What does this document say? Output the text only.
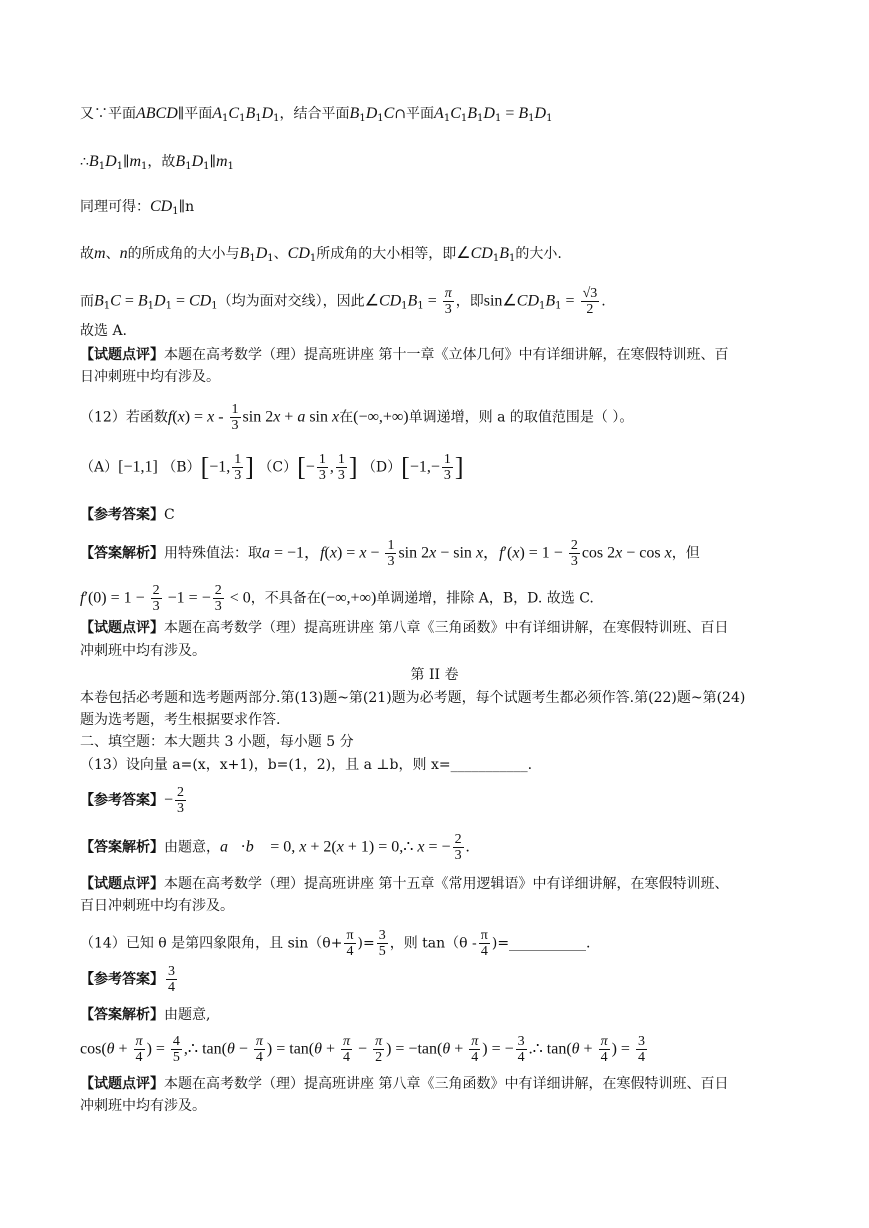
又∵平面ABCD∥平面$A_1C_1B_1D_1$，结合平面$B_1D_1C\cap$平面$A_1C_1B_1D_1 = B_1D_1$
$\therefore B_1D_1\parallel m_1$，故$B_1D_1\parallel m_1$
同理可得：$CD_1\parallel n$
故m、n的所成角的大小与$B_1D_1$、$CD_1$所成角的大小相等，即$\angle CD_1B_1$的大小.
而$B_1C = B_1D_1 = CD_1$（均为面对交线），因此$\angle CD_1B_1 = \frac{\pi}{3}$ ，即$\sin\angle CD_1B_1 = \frac{√3}{2}$ .
故选 A.
【试题点评】本题在高考数学（理）提高班讲座 第十一章《立体几何》中有详细讲解，在寒假特训班、百
日冲刺班中均有涉及。
（12）若函数$f(x) = x - \frac{1}{3}$ sin 2x + a sin x在(−∞,+∞)单调递增，则 a 的取值范围是（ ）。
（A）[−1,1] （B）[−1, $\frac{1}{3}$ ] $(C)[- \frac{1}{3}$ , $\frac{1}{3}$ ] $(D)[-1,- \frac{1}{3}$ ]
【参考答案】C
【答案解析】用特殊值法：取a = −1，$f(x) = x - \frac{1}{3}$ sin 2x − sin x，$f'(x) = 1 - \frac{2}{3}$ cos 2x − cos x，但
$f'(0) = 1 - \frac{2}{3} -1$ = − $\frac{2}{3} < 0$，不具备在(−∞,+∞)单调递增，排除 A，B，D. 故选 C.
【试题点评】本题在高考数学（理）提高班讲座 第八章《三角函数》中有详细讲解，在寒假特训班、百日
冲刺班中均有涉及。
第 II 卷
本卷包括必考题和选考题两部分.第(13)题~第(21)题为必考题，每个试题考生都必须作答.第(22)题~第(24)
题为选考题，考生根据要求作答.
二、填空题：本大题共 3 小题，每小题 5 分
（13）设向量 a=(x，x+1)，b=(1，2)，且 a ⊥b，则 x=___________.
【参考答案】− $\frac{2}{3}$
【答案解析】由题意，a⃗·b⃗ = 0, x + 2(x + 1) = 0,∴ x = − $\frac{2}{3}$ .
【试题点评】本题在高考数学（理）提高班讲座 第十五章《常用逻辑语》中有详细讲解，在寒假特训班、
百日冲刺班中均有涉及。
（14）已知 θ 是第四象限角，且 $\sin(\theta+ \frac{\pi}{4}$ )= $\frac{3}{5}$ ，则 $\tan(\theta - \frac{\pi}{4}$ )=___________.
【参考答案】 $\frac{3}{4}$
【答案解析】由题意,
$\cos(\theta + \frac{\pi}{4}$ ) = $\frac{4}{5}$ ,∴ $\tan(\theta - \frac{\pi}{4}$ ) = $\tan(\theta + \frac{\pi}{4} - \frac{\pi}{2}$ ) = $-\tan(\theta + \frac{\pi}{4}$ ) = − $\frac{3}{4}$ .∴ $\tan(\theta + \frac{\pi}{4}$ ) = $\frac{3}{4}$
【试题点评】本题在高考数学（理）提高班讲座 第八章《三角函数》中有详细讲解，在寒假特训班、百日
冲刺班中均有涉及。
